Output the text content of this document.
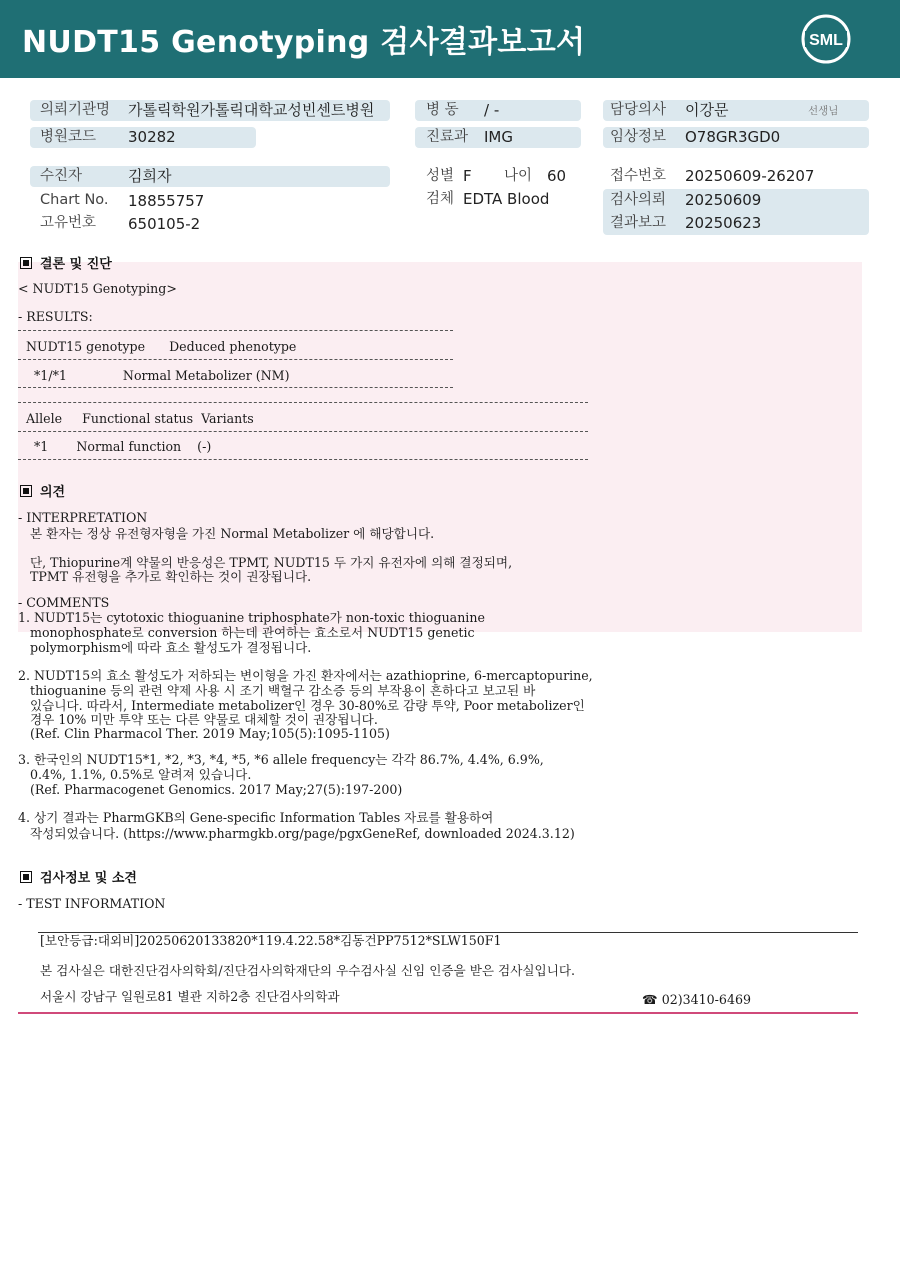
NUDT15 Genotyping 검사결과보고서	SML
의뢰기관명 가톨릭학원가톨릭대학교성빈센트병원
병원코드 30282
수진자	김희자
Chart No. 18855757
고유번호 650105-2
병 동 / -
진료과 IMG
성별 F 나이 60
검체 EDTA Blood
담당의사 이강문	선생님
임상정보 O78GR3GD0
접수번호 20250609-26207
검사의뢰 20250609
결과보고 20250623
결론 및 진단
< NUDT15 Genotyping>
- RESULTS:
NUDT15 genotype      Deduced phenotype
*1/*1              Normal Metabolizer (NM)
Allele     Functional status  Variants
*1       Normal function    (-)
의견
- INTERPRETATION
본 환자는 정상 유전형자형을 가진 Normal Metabolizer 에 해당합니다.
단, Thiopurine계 약물의 반응성은 TPMT, NUDT15 두 가지 유전자에 의해 결정되며,
TPMT 유전형을 추가로 확인하는 것이 권장됩니다.
- COMMENTS
1. NUDT15는 cytotoxic thioguanine triphosphate가 non-toxic thioguanine
monophosphate로 conversion 하는데 관여하는 효소로서 NUDT15 genetic
polymorphism에 따라 효소 활성도가 결정됩니다.
2. NUDT15의 효소 활성도가 저하되는 변이형을 가진 환자에서는 azathioprine, 6-mercaptopurine,
thioguanine 등의 관련 약제 사용 시 조기 백혈구 감소증 등의 부작용이 흔하다고 보고된 바
있습니다. 따라서, Intermediate metabolizer인 경우 30-80%로 감량 투약, Poor metabolizer인
경우 10% 미만 투약 또는 다른 약물로 대체할 것이 권장됩니다.
(Ref. Clin Pharmacol Ther. 2019 May;105(5):1095-1105)
3. 한국인의 NUDT15*1, *2, *3, *4, *5, *6 allele frequency는 각각 86.7%, 4.4%, 6.9%,
0.4%, 1.1%, 0.5%로 알려져 있습니다.
(Ref. Pharmacogenet Genomics. 2017 May;27(5):197-200)
4. 상기 결과는 PharmGKB의 Gene-specific Information Tables 자료를 활용하여
작성되었습니다. (https://www.pharmgkb.org/page/pgxGeneRef, downloaded 2024.3.12)
검사정보 및 소견
- TEST INFORMATION
[보안등급:대외비]20250620133820*119.4.22.58*김동건PP7512*SLW150F1
본 검사실은 대한진단검사의학회/진단검사의학재단의 우수검사실 신임 인증을 받은 검사실입니다.
서울시 강남구 일원로81 별관 지하2층 진단검사의학과	☎ 02)3410-6469
